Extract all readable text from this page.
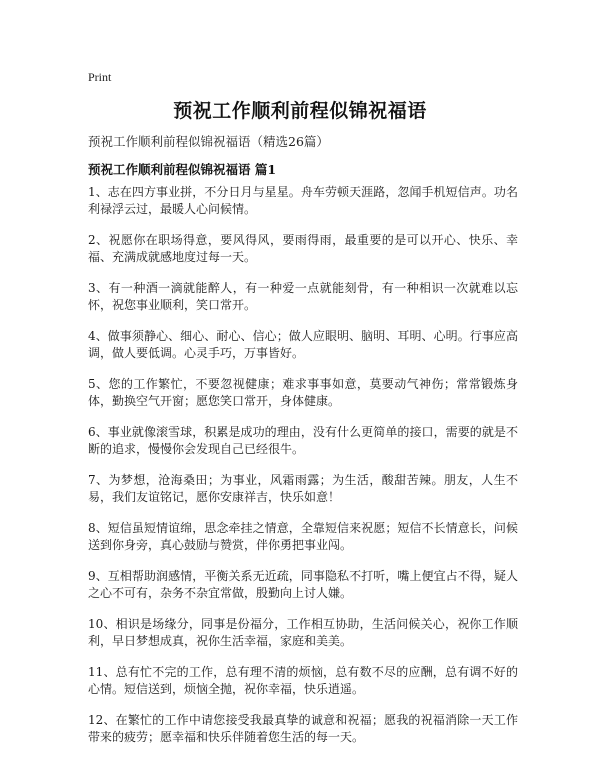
Print
预祝工作顺利前程似锦祝福语
预祝工作顺利前程似锦祝福语（精选26篇）
预祝工作顺利前程似锦祝福语 篇1
1、志在四方事业拼，不分日月与星星。舟车劳顿天涯路，忽闻手机短信声。功名利禄浮云过，最暖人心问候情。
2、祝愿你在职场得意，要风得风，要雨得雨，最重要的是可以开心、快乐、幸福、充满成就感地度过每一天。
3、有一种酒一滴就能醉人，有一种爱一点就能刻骨，有一种相识一次就难以忘怀，祝您事业顺利，笑口常开。
4、做事须静心、细心、耐心、信心；做人应眼明、脑明、耳明、心明。行事应高调，做人要低调。心灵手巧，万事皆好。
5、您的工作繁忙，不要忽视健康；难求事事如意，莫要动气神伤；常常锻炼身体，勤换空气开窗；愿您笑口常开，身体健康。
6、事业就像滚雪球，积累是成功的理由，没有什么更简单的接口，需要的就是不断的追求，慢慢你会发现自己已经很牛。
7、为梦想，沧海桑田；为事业，风霜雨露；为生活，酸甜苦辣。朋友，人生不易，我们友谊铭记，愿你安康祥吉，快乐如意！
8、短信虽短情谊绵，思念牵挂之情意，全靠短信来祝愿；短信不长情意长，问候送到你身旁，真心鼓励与赞赏，伴你勇把事业闯。
9、互相帮助润感情，平衡关系无近疏，同事隐私不打听，嘴上便宜占不得，疑人之心不可有，杂务不杂宜常做，殷勤向上讨人嫌。
10、相识是场缘分，同事是份福分，工作相互协助，生活问候关心，祝你工作顺利，早日梦想成真，祝你生活幸福，家庭和美美。
11、总有忙不完的工作，总有理不清的烦恼，总有数不尽的应酬，总有调不好的心情。短信送到，烦恼全抛，祝你幸福，快乐逍遥。
12、在繁忙的工作中请您接受我最真挚的诚意和祝福；愿我的祝福消除一天工作带来的疲劳；愿幸福和快乐伴随着您生活的每一天。
